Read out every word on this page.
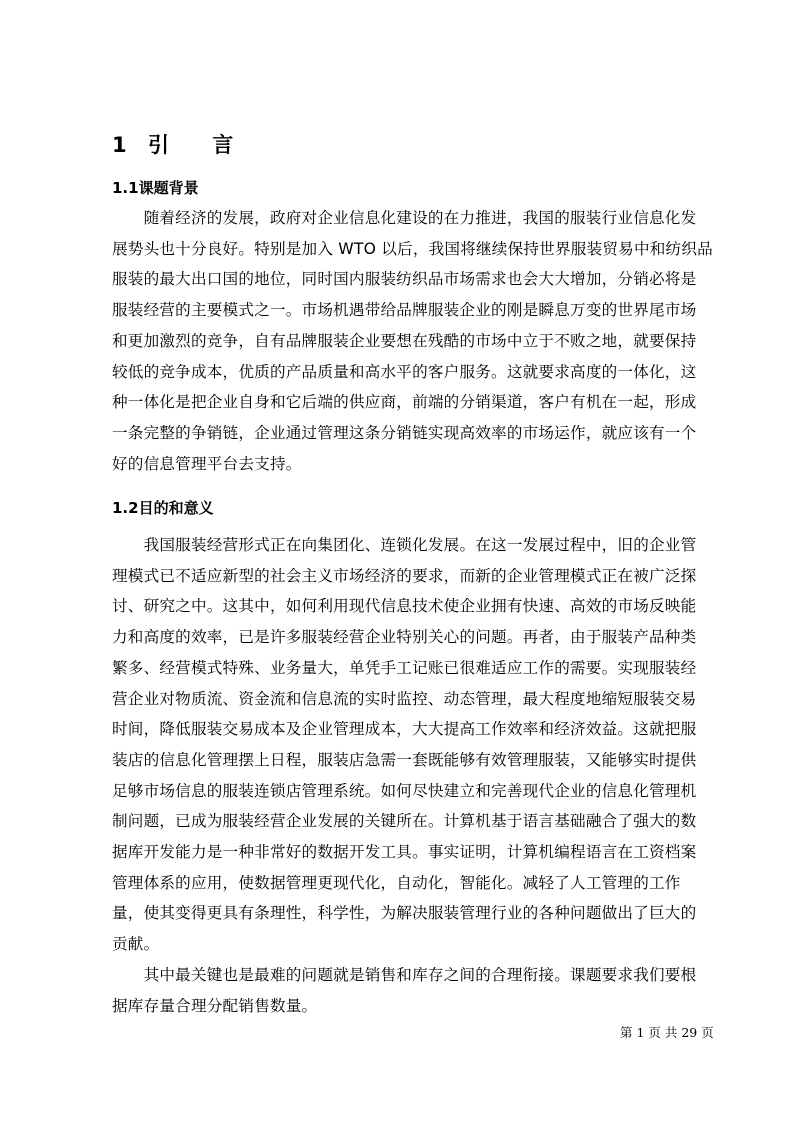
1 引 言
1.1课题背景
　　随着经济的发展，政府对企业信息化建设的在力推进，我国的服装行业信息化发
展势头也十分良好。特别是加入 WTO 以后，我国将继续保持世界服装贸易中和纺织品
服装的最大出口国的地位，同时国内服装纺织品市场需求也会大大增加，分销必将是
服装经营的主要模式之一。市场机遇带给品牌服装企业的刚是瞬息万变的世界尾市场
和更加激烈的竞争，自有品牌服装企业要想在残酷的市场中立于不败之地，就要保持
较低的竞争成本，优质的产品质量和高水平的客户服务。这就要求高度的一体化，这
种一体化是把企业自身和它后端的供应商，前端的分销渠道，客户有机在一起，形成
一条完整的争销链，企业通过管理这条分销链实现高效率的市场运作，就应该有一个
好的信息管理平台去支持。
1.2目的和意义
　　我国服装经营形式正在向集团化、连锁化发展。在这一发展过程中，旧的企业管
理模式已不适应新型的社会主义市场经济的要求，而新的企业管理模式正在被广泛探
讨、研究之中。这其中，如何利用现代信息技术使企业拥有快速、高效的市场反映能
力和高度的效率，已是许多服装经营企业特别关心的问题。再者，由于服装产品种类
繁多、经营模式特殊、业务量大，单凭手工记账已很难适应工作的需要。实现服装经
营企业对物质流、资金流和信息流的实时监控、动态管理，最大程度地缩短服装交易
时间，降低服装交易成本及企业管理成本，大大提高工作效率和经济效益。这就把服
装店的信息化管理摆上日程，服装店急需一套既能够有效管理服装，又能够实时提供
足够市场信息的服装连锁店管理系统。如何尽快建立和完善现代企业的信息化管理机
制问题，已成为服装经营企业发展的关键所在。计算机基于语言基础融合了强大的数
据库开发能力是一种非常好的数据开发工具。事实证明，计算机编程语言在工资档案
管理体系的应用，使数据管理更现代化，自动化，智能化。减轻了人工管理的工作
量，使其变得更具有条理性，科学性，为解决服装管理行业的各种问题做出了巨大的
贡献。
　　其中最关键也是最难的问题就是销售和库存之间的合理衔接。课题要求我们要根
据库存量合理分配销售数量。
第 1 页 共 29 页
